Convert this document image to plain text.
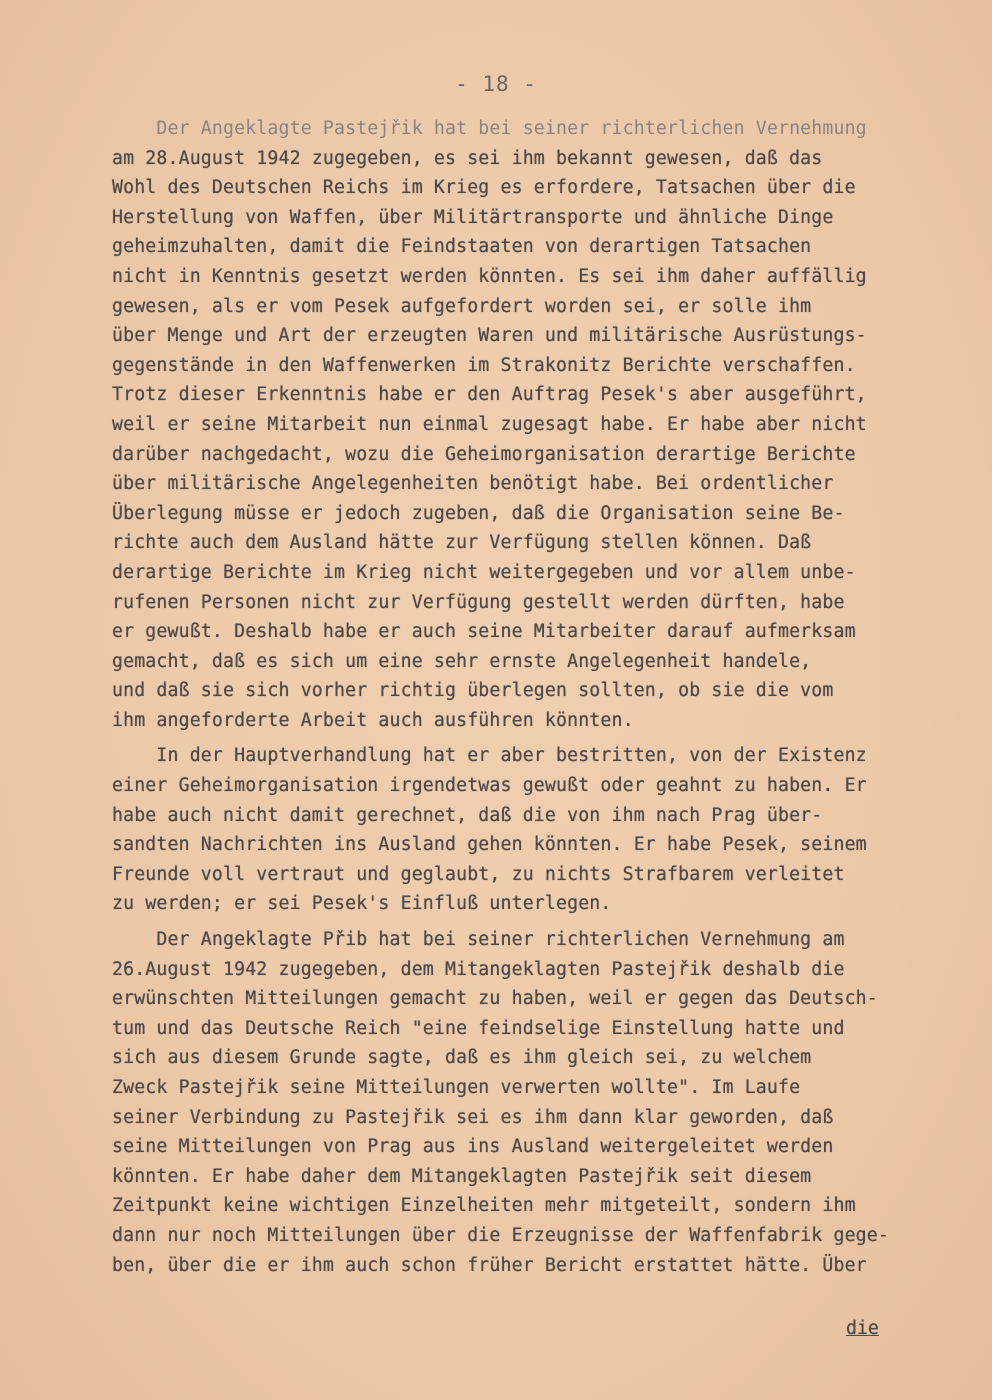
- 18 -
Der Angeklagte Pastejřik hat bei seiner richterlichen Vernehmung
am 28.August 1942 zugegeben, es sei ihm bekannt gewesen, daß das
Wohl des Deutschen Reichs im Krieg es erfordere, Tatsachen über die
Herstellung von Waffen, über Militärtransporte und ähnliche Dinge
geheimzuhalten, damit die Feindstaaten von derartigen Tatsachen
nicht in Kenntnis gesetzt werden könnten. Es sei ihm daher auffällig
gewesen, als er vom Pesek aufgefordert worden sei, er solle ihm
über Menge und Art der erzeugten Waren und militärische Ausrüstungs-
gegenstände in den Waffenwerken im Strakonitz Berichte verschaffen.
Trotz dieser Erkenntnis habe er den Auftrag Pesek's aber ausgeführt,
weil er seine Mitarbeit nun einmal zugesagt habe. Er habe aber nicht
darüber nachgedacht, wozu die Geheimorganisation derartige Berichte
über militärische Angelegenheiten benötigt habe. Bei ordentlicher
Überlegung müsse er jedoch zugeben, daß die Organisation seine Be-
richte auch dem Ausland hätte zur Verfügung stellen können. Daß
derartige Berichte im Krieg nicht weitergegeben und vor allem unbe-
rufenen Personen nicht zur Verfügung gestellt werden dürften, habe
er gewußt. Deshalb habe er auch seine Mitarbeiter darauf aufmerksam
gemacht, daß es sich um eine sehr ernste Angelegenheit handele,
und daß sie sich vorher richtig überlegen sollten, ob sie die vom
ihm angeforderte Arbeit auch ausführen könnten.
In der Hauptverhandlung hat er aber bestritten, von der Existenz
einer Geheimorganisation irgendetwas gewußt oder geahnt zu haben. Er
habe auch nicht damit gerechnet, daß die von ihm nach Prag über-
sandten Nachrichten ins Ausland gehen könnten. Er habe Pesek, seinem
Freunde voll vertraut und geglaubt, zu nichts Strafbarem verleitet
zu werden; er sei Pesek's Einfluß unterlegen.
Der Angeklagte Přib hat bei seiner richterlichen Vernehmung am
26.August 1942 zugegeben, dem Mitangeklagten Pastejřik deshalb die
erwünschten Mitteilungen gemacht zu haben, weil er gegen das Deutsch-
tum und das Deutsche Reich "eine feindselige Einstellung hatte und
sich aus diesem Grunde sagte, daß es ihm gleich sei, zu welchem
Zweck Pastejřik seine Mitteilungen verwerten wollte". Im Laufe
seiner Verbindung zu Pastejřik sei es ihm dann klar geworden, daß
seine Mitteilungen von Prag aus ins Ausland weitergeleitet werden
könnten. Er habe daher dem Mitangeklagten Pastejřik seit diesem
Zeitpunkt keine wichtigen Einzelheiten mehr mitgeteilt, sondern ihm
dann nur noch Mitteilungen über die Erzeugnisse der Waffenfabrik gege-
ben, über die er ihm auch schon früher Bericht erstattet hätte. Über
die
